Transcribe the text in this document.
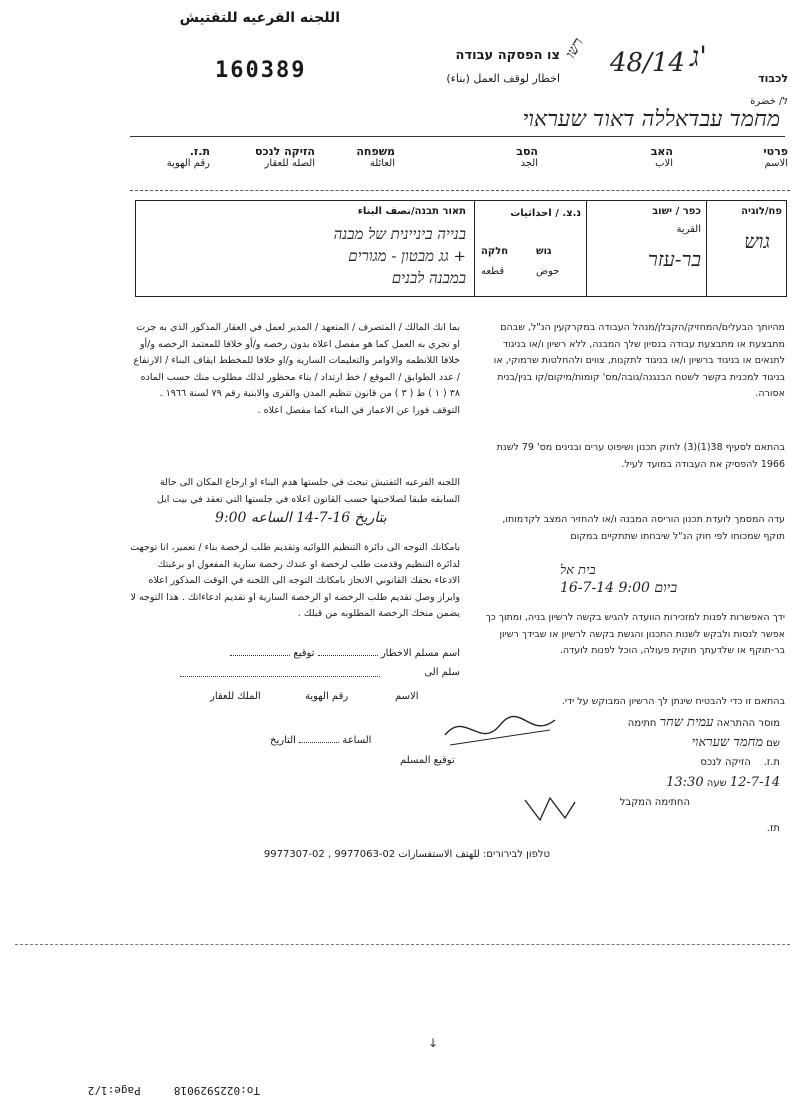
اللجنه الفرعيه للتفتيش
160389
צו הפסקה עבודה
اخطار لوقف العمل (بناء)
רשו 48/14 ג'
לכבוד
ל/ خضرة
מחמד עבדאללה דאוד שעראוי
פרטי
الاسم
האב
الاب
הסב
الجد
משפחה
العائلة
הזיקה לנכס
الصله للعقار
ת.ז.
رقم الهوية
פח/לוגיה
גוש
כפר / ישוב
القرية
בר-עזר
נ.צ. / احداثيات
גוש
حوض
חלקה
قطعه
תאור תבנה/نصف البناء
בנייה ביניינית של מבנה
+ גג מבטון - מגורים
במבנה לבנים
מהיותך הבעלים/המחזיק/הקבלן/מנהל העבודה במקרקעין הנ"ל, שבהם מתבצעת או מתבצעת עבודה בנסיון שלך המבנה, ללא רשיון ו/או בניגוד לתנאים או בניגוד ברשיון ו/או בניגוד לתקנות, צווים ולהחלטות שרמוקי, או בניגוד למכנית בקשר לשטח הבנגנה/גובה/מס' קומות/מיקום/קו בנין/בנית אסורה.
בהתאם לסעיף 38(1)(3) לחוק תכנון ושיפוט ערים ובנינים מס' 79 לשנת 1966 להפסיק את העבודה במועד לעיל.
עדה המסמך לועדת תכנון הוריסה המבנה ו/או להחזיר המצב לקדמותו, תוקף שמכוחו לפי חוק הנ"ל שיבחתו שתתקיים במקום
בית אל
ביום 9:00 16-7-14
ידך האפשרות לפנות למזכירות הוועדה להגיש בקשה לרשיון בניה, ומתוך כך אפשר לנסות ולבקש לשנות התכנון והגשת בקשה לרשיון או שבידך רשיון בר-תוקף או שלדעתך חוקית פעולה, הוכל לפנות לועדה.
בהתאם זו כדי להבטיח שינתן לך הרשיון המבוקש על ידי.
بما انك المالك / المتصرف / المتعهد / المدير لعمل في العقار المذكور الذي به جرت او تجري به العمل كما هو مفصل اعلاه بدون رخصه و/أو خلافا للمعتمد الرخصه و/أو خلافا اللانظمه والاوامر والتعليمات الساريه و/او خلافا للمخطط ايقاف البناء / الارتفاع / عدد الطوابق / الموقع / خط ارتداد / بناء محظور لذلك مطلوب منك حسب الماده ٣٨ ( ١ ) ط ( ٣ ) من قانون تنظيم المدن والقرى والابنية رقم ٧٩ لسنة ١٩٦٦ . التوقف فورا عن الاعمار في البناء كما مفصل اعلاه .
اللجنه الفرعيه التفتيش تبحث في جلستها هدم البناء او ارجاع المكان الى حالة السابقه طبقا لصلاحيتها حسب القانون اعلاه في جلستها التي تعقد في بيت ايل
بتاريخ 16-7-14 الساعه 9:00
بامكانك التوجه الى دائرة التنظيم اللوائيه وتقديم طلب لرخصة بناء / تعمير، انا توجهت لدائرة التنظيم وقدمت طلب لرخصة او عندك رخصة سارية المفعول او برغبتك الادعاء بحقك القانوني الانجاز بامكانك التوجه الى اللجنه في الوقت المذكور اعلاه وابراز وصل تقديم طلب الرخصه او الرخصة السارية او تقديم ادعاءاتك . هذا التوجه لا يضمن منحك الرخصة المطلوبه من قبلك .
اسم مسلم الاخطار  توقيع
سلم الى
الملك للعقار	رقم الهوية	الاسم
الساعة  التاريخ
توقيع المسلم
מוסר ההתראה עמית שחר חתימה
שם מחמד שעראוי
ת.ז.    הזיקה לנכס
12-7-14 שעה 13:30
החתימה המקבל
תז.
טלפון לבירורים: للهتف الاستفسارات 02-9977063 , 02-9977307
↓
To:0225929018     Page:1/2
